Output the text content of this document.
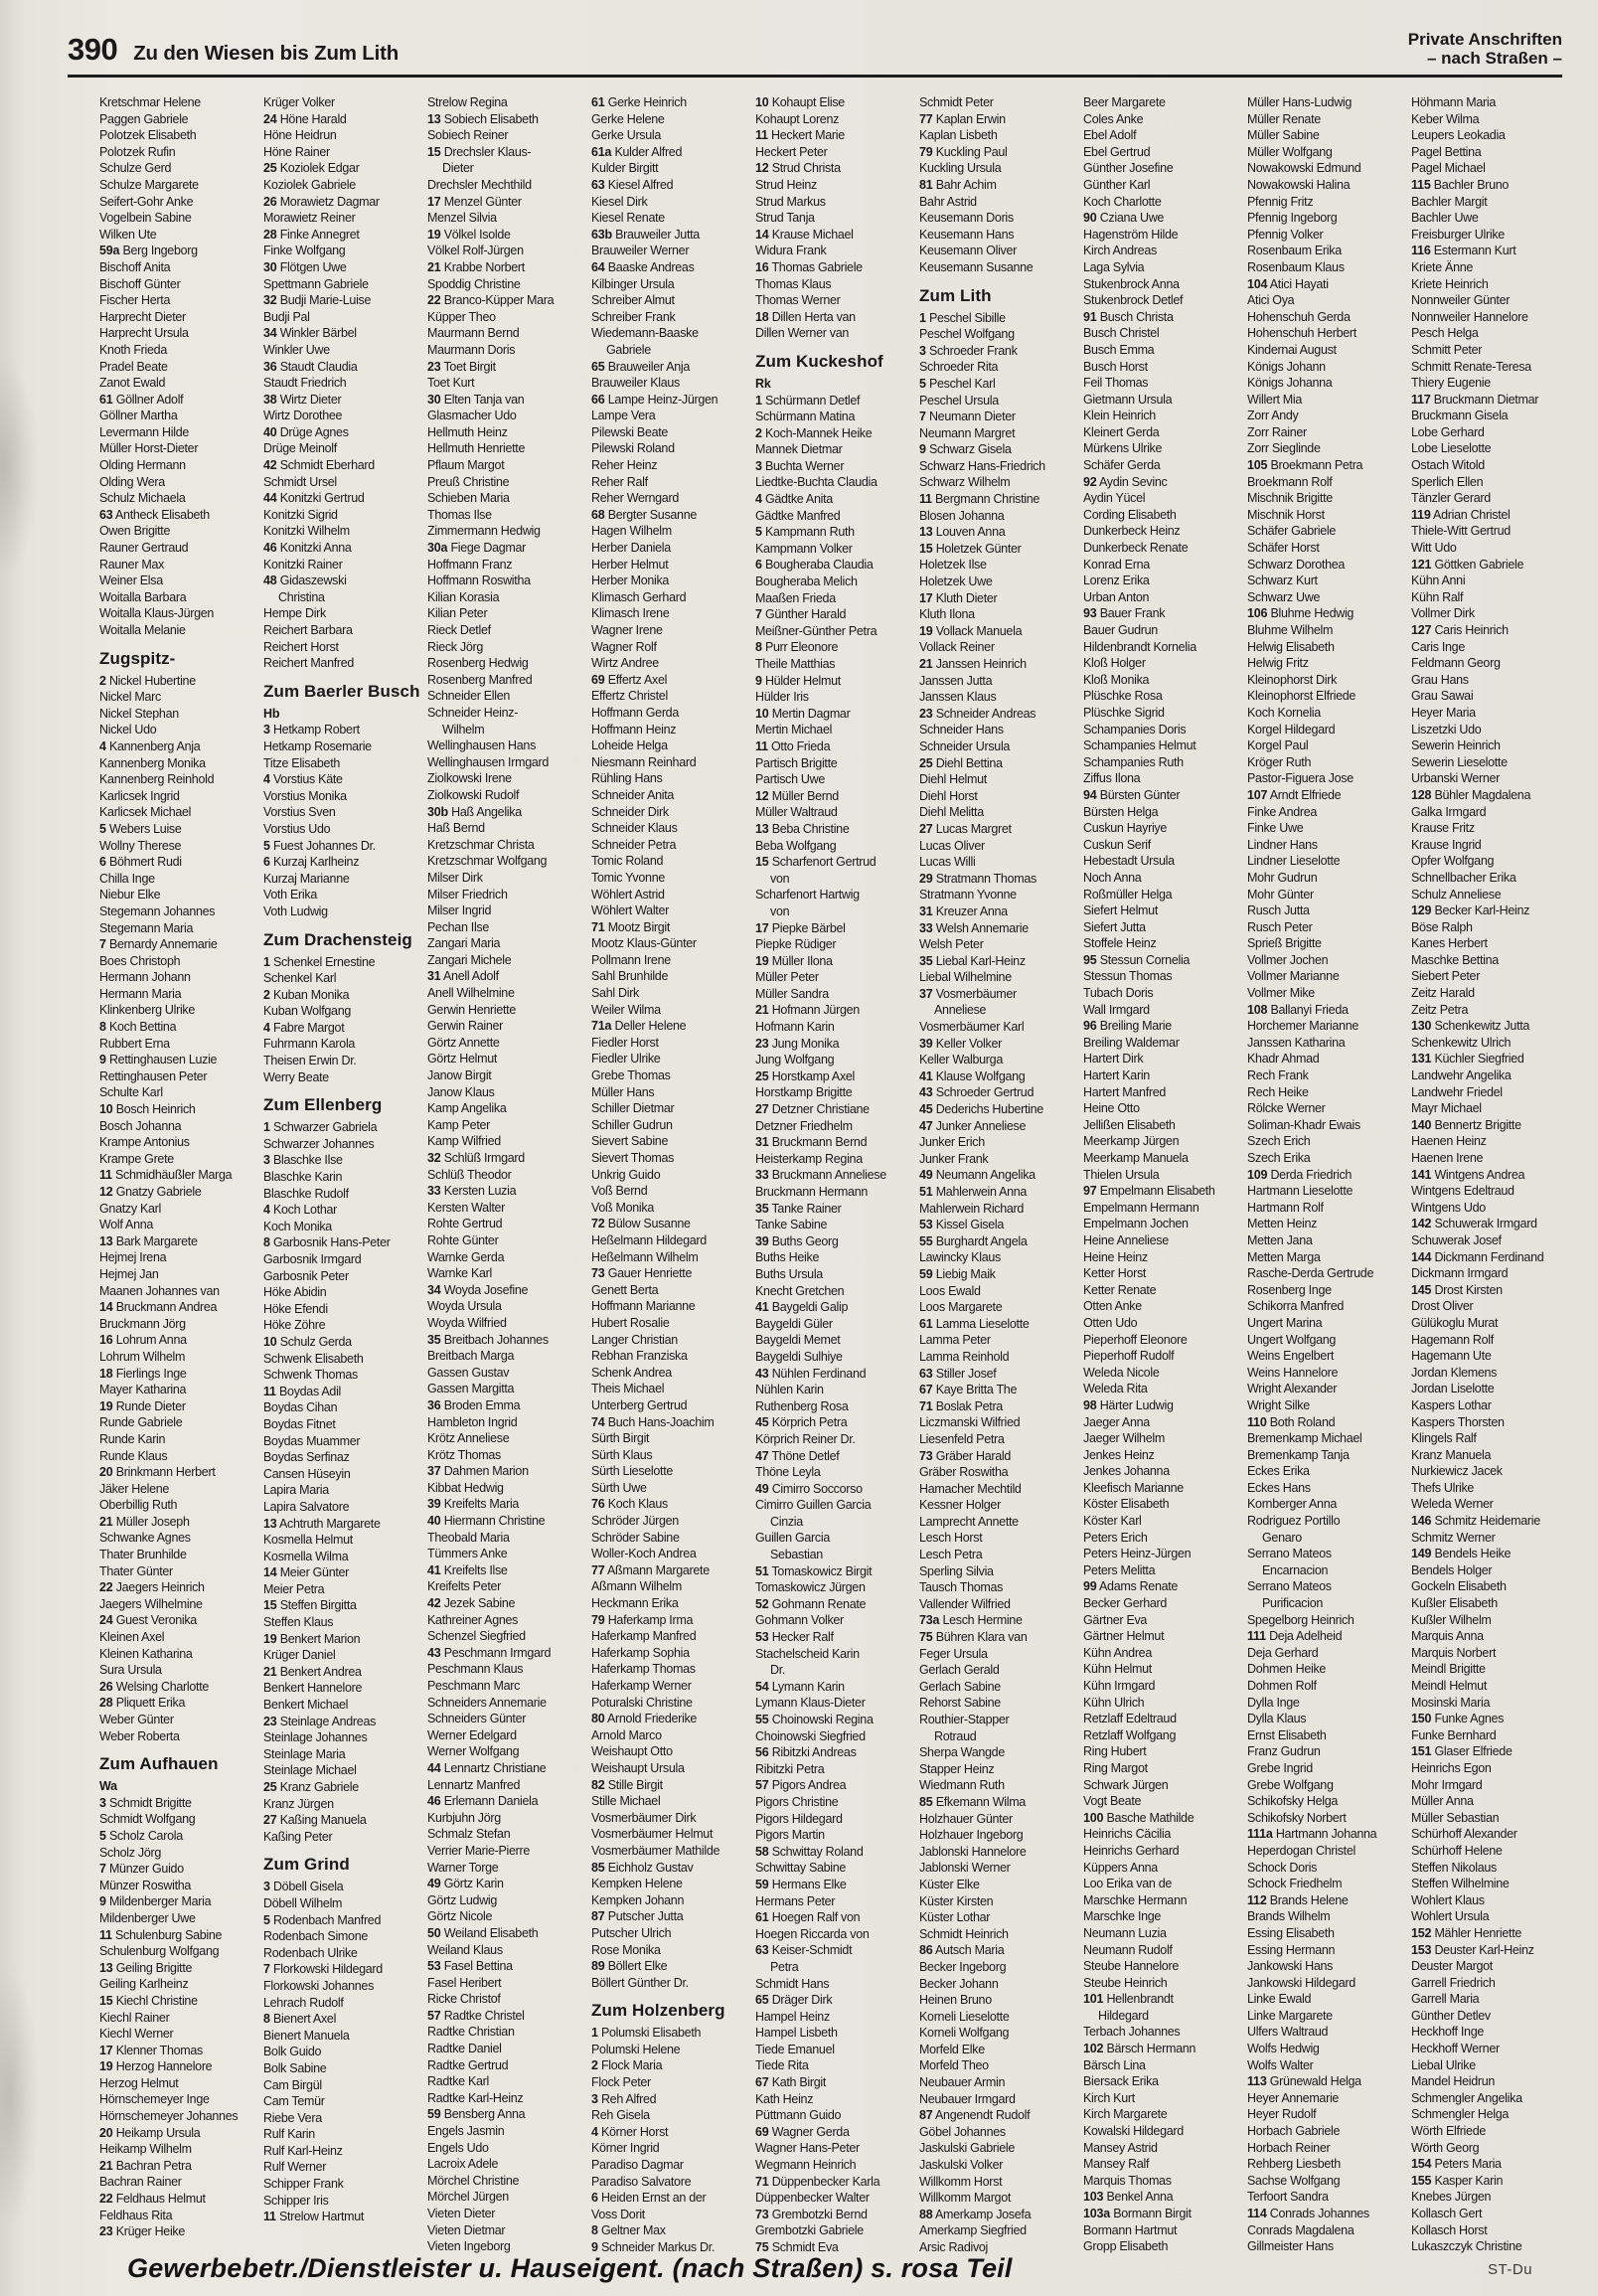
390 Zu den Wiesen bis Zum Lith
Private Anschriften
– nach Straßen –
Kretschmar Helene
Paggen Gabriele
Polotzek Elisabeth
Polotzek Rufin
Schulze Gerd
Schulze Margarete
Seifert-Gohr Anke
Vogelbein Sabine
Wilken Ute
59a Berg Ingeborg
Bischoff Anita
Bischoff Günter
Fischer Herta
Harprecht Dieter
Harprecht Ursula
Knoth Frieda
Pradel Beate
Zanot Ewald
61 Göllner Adolf
Göllner Martha
Levermann Hilde
Müller Horst-Dieter
Olding Hermann
Olding Wera
Schulz Michaela
63 Antheck Elisabeth
Owen Brigitte
Rauner Gertraud
Rauner Max
Weiner Elsa
Woitalla Barbara
Woitalla Klaus-Jürgen
Woitalla Melanie
Zugspitz-
2 Nickel Hubertine
Nickel Marc
Nickel Stephan
Nickel Udo
4 Kannenberg Anja
Kannenberg Monika
Kannenberg Reinhold
Karlicsek Ingrid
Karlicsek Michael
5 Webers Luise
Wollny Therese
6 Böhmert Rudi
Chilla Inge
Niebur Elke
Stegemann Johannes
Stegemann Maria
7 Bernardy Annemarie
Boes Christoph
Hermann Johann
Hermann Maria
Klinkenberg Ulrike
8 Koch Bettina
Rubbert Erna
9 Rettinghausen Luzie
Rettinghausen Peter
Schulte Karl
10 Bosch Heinrich
Bosch Johanna
Krampe Antonius
Krampe Grete
11 Schmidhäußler Marga
12 Gnatzy Gabriele
Gnatzy Karl
Wolf Anna
13 Bark Margarete
Hejmej Irena
Hejmej Jan
Maanen Johannes van
14 Bruckmann Andrea
Bruckmann Jörg
16 Lohrum Anna
Lohrum Wilhelm
18 Fierlings Inge
Mayer Katharina
19 Runde Dieter
Runde Gabriele
Runde Karin
Runde Klaus
20 Brinkmann Herbert
Jäker Helene
Oberbillig Ruth
21 Müller Joseph
Schwanke Agnes
Thater Brunhilde
Thater Günter
22 Jaegers Heinrich
Jaegers Wilhelmine
24 Guest Veronika
Kleinen Axel
Kleinen Katharina
Sura Ursula
26 Welsing Charlotte
28 Pliquett Erika
Weber Günter
Weber Roberta
Zum Aufhauen
Wa
3 Schmidt Brigitte
Schmidt Wolfgang
5 Scholz Carola
Scholz Jörg
7 Münzer Guido
Münzer Roswitha
9 Mildenberger Maria
Mildenberger Uwe
11 Schulenburg Sabine
Schulenburg Wolfgang
13 Geiling Brigitte
Geiling Karlheinz
15 Kiechl Christine
Kiechl Rainer
Kiechl Werner
17 Klenner Thomas
19 Herzog Hannelore
Herzog Helmut
Hörnschemeyer Inge
Hörnschemeyer Johannes
20 Heikamp Ursula
Heikamp Wilhelm
21 Bachran Petra
Bachran Rainer
22 Feldhaus Helmut
Feldhaus Rita
23 Krüger Heike
Krüger Volker
24 Höne Harald
Höne Heidrun
Höne Rainer
25 Koziolek Edgar
Koziolek Gabriele
26 Morawietz Dagmar
Morawietz Reiner
28 Finke Annegret
Finke Wolfgang
30 Flötgen Uwe
Spettmann Gabriele
32 Budji Marie-Luise
Budji Pal
34 Winkler Bärbel
Winkler Uwe
36 Staudt Claudia
Staudt Friedrich
38 Wirtz Dieter
Wirtz Dorothee
40 Drüge Agnes
Drüge Meinolf
42 Schmidt Eberhard
Schmidt Ursel
44 Konitzki Gertrud
Konitzki Sigrid
Konitzki Wilhelm
46 Konitzki Anna
Konitzki Rainer
48 Gidaszewski
Christina
Hempe Dirk
Reichert Barbara
Reichert Horst
Reichert Manfred
Zum Baerler Busch
Hb
3 Hetkamp Robert
Hetkamp Rosemarie
Titze Elisabeth
4 Vorstius Käte
Vorstius Monika
Vorstius Sven
Vorstius Udo
5 Fuest Johannes Dr.
6 Kurzaj Karlheinz
Kurzaj Marianne
Voth Erika
Voth Ludwig
Zum Drachensteig
1 Schenkel Ernestine
Schenkel Karl
2 Kuban Monika
Kuban Wolfgang
4 Fabre Margot
Fuhrmann Karola
Theisen Erwin Dr.
Werry Beate
Zum Ellenberg
1 Schwarzer Gabriela
Schwarzer Johannes
3 Blaschke Ilse
Blaschke Karin
Blaschke Rudolf
4 Koch Lothar
Koch Monika
8 Garbosnik Hans-Peter
Garbosnik Irmgard
Garbosnik Peter
Höke Abidin
Höke Efendi
Höke Zöhre
10 Schulz Gerda
Schwenk Elisabeth
Schwenk Thomas
11 Boydas Adil
Boydas Cihan
Boydas Fitnet
Boydas Muammer
Boydas Serfinaz
Cansen Hüseyin
Lapira Maria
Lapira Salvatore
13 Achtruth Margarete
Kosmella Helmut
Kosmella Wilma
14 Meier Günter
Meier Petra
15 Steffen Birgitta
Steffen Klaus
19 Benkert Marion
Krüger Daniel
21 Benkert Andrea
Benkert Hannelore
Benkert Michael
23 Steinlage Andreas
Steinlage Johannes
Steinlage Maria
Steinlage Michael
25 Kranz Gabriele
Kranz Jürgen
27 Kaßing Manuela
Kaßing Peter
Zum Grind
3 Döbell Gisela
Döbell Wilhelm
5 Rodenbach Manfred
Rodenbach Simone
Rodenbach Ulrike
7 Florkowski Hildegard
Florkowski Johannes
Lehrach Rudolf
8 Bienert Axel
Bienert Manuela
Bolk Guido
Bolk Sabine
Cam Birgül
Cam Temür
Riebe Vera
Rulf Karin
Rulf Karl-Heinz
Rulf Werner
Schipper Frank
Schipper Iris
11 Strelow Hartmut
Strelow Regina
13 Sobiech Elisabeth
Sobiech Reiner
15 Drechsler Klaus-
Dieter
Drechsler Mechthild
17 Menzel Günter
Menzel Silvia
19 Völkel Isolde
Völkel Rolf-Jürgen
21 Krabbe Norbert
Spoddig Christine
22 Branco-Küpper Mara
Küpper Theo
Maurmann Bernd
Maurmann Doris
23 Toet Birgit
Toet Kurt
30 Elten Tanja van
Glasmacher Udo
Hellmuth Heinz
Hellmuth Henriette
Pflaum Margot
Preuß Christine
Schieben Maria
Thomas Ilse
Zimmermann Hedwig
30a Fiege Dagmar
Hoffmann Franz
Hoffmann Roswitha
Kilian Korasia
Kilian Peter
Rieck Detlef
Rieck Jörg
Rosenberg Hedwig
Rosenberg Manfred
Schneider Ellen
Schneider Heinz-
Wilhelm
Wellinghausen Hans
Wellinghausen Irmgard
Ziolkowski Irene
Ziolkowski Rudolf
30b Haß Angelika
Haß Bernd
Kretzschmar Christa
Kretzschmar Wolfgang
Milser Dirk
Milser Friedrich
Milser Ingrid
Pechan Ilse
Zangari Maria
Zangari Michele
31 Anell Adolf
Anell Wilhelmine
Gerwin Henriette
Gerwin Rainer
Görtz Annette
Görtz Helmut
Janow Birgit
Janow Klaus
Kamp Angelika
Kamp Peter
Kamp Wilfried
32 Schlüß Irmgard
Schlüß Theodor
33 Kersten Luzia
Kersten Walter
Rohte Gertrud
Rohte Günter
Warnke Gerda
Warnke Karl
34 Woyda Josefine
Woyda Ursula
Woyda Wilfried
35 Breitbach Johannes
Breitbach Marga
Gassen Gustav
Gassen Margitta
36 Broden Emma
Hambleton Ingrid
Krötz Anneliese
Krötz Thomas
37 Dahmen Marion
Kibbat Hedwig
39 Kreifelts Maria
40 Hiermann Christine
Theobald Maria
Tümmers Anke
41 Kreifelts Ilse
Kreifelts Peter
42 Jezek Sabine
Kathreiner Agnes
Schenzel Siegfried
43 Peschmann Irmgard
Peschmann Klaus
Peschmann Marc
Schneiders Annemarie
Schneiders Günter
Werner Edelgard
Werner Wolfgang
44 Lennartz Christiane
Lennartz Manfred
46 Erlemann Daniela
Kurbjuhn Jörg
Schmalz Stefan
Verrier Marie-Pierre
Warner Torge
49 Görtz Karin
Görtz Ludwig
Görtz Nicole
50 Weiland Elisabeth
Weiland Klaus
53 Fasel Bettina
Fasel Heribert
Ricke Christof
57 Radtke Christel
Radtke Christian
Radtke Daniel
Radtke Gertrud
Radtke Karl
Radtke Karl-Heinz
59 Bensberg Anna
Engels Jasmin
Engels Udo
Lacroix Adele
Mörchel Christine
Mörchel Jürgen
Vieten Dieter
Vieten Dietmar
Vieten Ingeborg
61 Gerke Heinrich
Gerke Helene
Gerke Ursula
61a Kulder Alfred
Kulder Birgitt
63 Kiesel Alfred
Kiesel Dirk
Kiesel Renate
63b Brauweiler Jutta
Brauweiler Werner
64 Baaske Andreas
Kilbinger Ursula
Schreiber Almut
Schreiber Frank
Wiedemann-Baaske
Gabriele
65 Brauweiler Anja
Brauweiler Klaus
66 Lampe Heinz-Jürgen
Lampe Vera
Pilewski Beate
Pilewski Roland
Reher Heinz
Reher Ralf
Reher Werngard
68 Bergter Susanne
Hagen Wilhelm
Herber Daniela
Herber Helmut
Herber Monika
Klimasch Gerhard
Klimasch Irene
Wagner Irene
Wagner Rolf
Wirtz Andree
69 Effertz Axel
Effertz Christel
Hoffmann Gerda
Hoffmann Heinz
Loheide Helga
Niesmann Reinhard
Rühling Hans
Schneider Anita
Schneider Dirk
Schneider Klaus
Schneider Petra
Tomic Roland
Tomic Yvonne
Wöhlert Astrid
Wöhlert Walter
71 Mootz Birgit
Mootz Klaus-Günter
Pollmann Irene
Sahl Brunhilde
Sahl Dirk
Weiler Wilma
71a Deller Helene
Fiedler Horst
Fiedler Ulrike
Grebe Thomas
Müller Hans
Schiller Dietmar
Schiller Gudrun
Sievert Sabine
Sievert Thomas
Unkrig Guido
Voß Bernd
Voß Monika
72 Bülow Susanne
Heßelmann Hildegard
Heßelmann Wilhelm
73 Gauer Henriette
Genett Berta
Hoffmann Marianne
Hubert Rosalie
Langer Christian
Rebhan Franziska
Schenk Andrea
Theis Michael
Unterberg Gertrud
74 Buch Hans-Joachim
Sürth Birgit
Sürth Klaus
Sürth Lieselotte
Sürth Uwe
76 Koch Klaus
Schröder Jürgen
Schröder Sabine
Woller-Koch Andrea
77 Aßmann Margarete
Aßmann Wilhelm
Heckmann Erika
79 Haferkamp Irma
Haferkamp Manfred
Haferkamp Sophia
Haferkamp Thomas
Haferkamp Werner
Poturalski Christine
80 Arnold Friederike
Arnold Marco
Weishaupt Otto
Weishaupt Ursula
82 Stille Birgit
Stille Michael
Vosmerbäumer Dirk
Vosmerbäumer Helmut
Vosmerbäumer Mathilde
85 Eichholz Gustav
Kempken Helene
Kempken Johann
87 Putscher Jutta
Putscher Ulrich
Rose Monika
89 Böllert Elke
Böllert Günther Dr.
Zum Holzenberg
1 Polumski Elisabeth
Polumski Helene
2 Flock Maria
Flock Peter
3 Reh Alfred
Reh Gisela
4 Körner Horst
Körner Ingrid
Paradiso Dagmar
Paradiso Salvatore
6 Heiden Ernst an der
Voss Dorit
8 Geltner Max
9 Schneider Markus Dr.
10 Kohaupt Elise
Kohaupt Lorenz
11 Heckert Marie
Heckert Peter
12 Strud Christa
Strud Heinz
Strud Markus
Strud Tanja
14 Krause Michael
Widura Frank
16 Thomas Gabriele
Thomas Klaus
Thomas Werner
18 Dillen Herta van
Dillen Werner van
Zum Kuckeshof
Rk
1 Schürmann Detlef
Schürmann Matina
2 Koch-Mannek Heike
Mannek Dietmar
3 Buchta Werner
Liedtke-Buchta Claudia
4 Gädtke Anita
Gädtke Manfred
5 Kampmann Ruth
Kampmann Volker
6 Bougheraba Claudia
Bougheraba Melich
Maaßen Frieda
7 Günther Harald
Meißner-Günther Petra
8 Purr Eleonore
Theile Matthias
9 Hülder Helmut
Hülder Iris
10 Mertin Dagmar
Mertin Michael
11 Otto Frieda
Partisch Brigitte
Partisch Uwe
12 Müller Bernd
Müller Waltraud
13 Beba Christine
Beba Wolfgang
15 Scharfenort Gertrud
von
Scharfenort Hartwig
von
17 Piepke Bärbel
Piepke Rüdiger
19 Müller Ilona
Müller Peter
Müller Sandra
21 Hofmann Jürgen
Hofmann Karin
23 Jung Monika
Jung Wolfgang
25 Horstkamp Axel
Horstkamp Brigitte
27 Detzner Christiane
Detzner Friedhelm
31 Bruckmann Bernd
Heisterkamp Regina
33 Bruckmann Anneliese
Bruckmann Hermann
35 Tanke Rainer
Tanke Sabine
39 Buths Georg
Buths Heike
Buths Ursula
Knecht Gretchen
41 Baygeldi Galip
Baygeldi Güler
Baygeldi Memet
Baygeldi Sulhiye
43 Nühlen Ferdinand
Nühlen Karin
Ruthenberg Rosa
45 Körprich Petra
Körprich Reiner Dr.
47 Thöne Detlef
Thöne Leyla
49 Cimirro Soccorso
Cimirro Guillen Garcia
Cinzia
Guillen Garcia
Sebastian
51 Tomaskowicz Birgit
Tomaskowicz Jürgen
52 Gohmann Renate
Gohmann Volker
53 Hecker Ralf
Stachelscheid Karin
Dr.
54 Lymann Karin
Lymann Klaus-Dieter
55 Choinowski Regina
Choinowski Siegfried
56 Ribitzki Andreas
Ribitzki Petra
57 Pigors Andrea
Pigors Christine
Pigors Hildegard
Pigors Martin
58 Schwittay Roland
Schwittay Sabine
59 Hermans Elke
Hermans Peter
61 Hoegen Ralf von
Hoegen Riccarda von
63 Keiser-Schmidt
Petra
Schmidt Hans
65 Dräger Dirk
Hampel Heinz
Hampel Lisbeth
Tiede Emanuel
Tiede Rita
67 Kath Birgit
Kath Heinz
Püttmann Guido
69 Wagner Gerda
Wagner Hans-Peter
Wegmann Heinrich
71 Düppenbecker Karla
Düppenbecker Walter
73 Grembotzki Bernd
Grembotzki Gabriele
75 Schmidt Eva
Schmidt Peter
77 Kaplan Erwin
Kaplan Lisbeth
79 Kuckling Paul
Kuckling Ursula
81 Bahr Achim
Bahr Astrid
Keusemann Doris
Keusemann Hans
Keusemann Oliver
Keusemann Susanne
Zum Lith
1 Peschel Sibille
Peschel Wolfgang
3 Schroeder Frank
Schroeder Rita
5 Peschel Karl
Peschel Ursula
7 Neumann Dieter
Neumann Margret
9 Schwarz Gisela
Schwarz Hans-Friedrich
Schwarz Wilhelm
11 Bergmann Christine
Blosen Johanna
13 Louven Anna
15 Holetzek Günter
Holetzek Ilse
Holetzek Uwe
17 Kluth Dieter
Kluth Ilona
19 Vollack Manuela
Vollack Reiner
21 Janssen Heinrich
Janssen Jutta
Janssen Klaus
23 Schneider Andreas
Schneider Hans
Schneider Ursula
25 Diehl Bettina
Diehl Helmut
Diehl Horst
Diehl Melitta
27 Lucas Margret
Lucas Oliver
Lucas Willi
29 Stratmann Thomas
Stratmann Yvonne
31 Kreuzer Anna
33 Welsh Annemarie
Welsh Peter
35 Liebal Karl-Heinz
Liebal Wilhelmine
37 Vosmerbäumer
Anneliese
Vosmerbäumer Karl
39 Keller Volker
Keller Walburga
41 Klause Wolfgang
43 Schroeder Gertrud
45 Dederichs Hubertine
47 Junker Anneliese
Junker Erich
Junker Frank
49 Neumann Angelika
51 Mahlerwein Anna
Mahlerwein Richard
53 Kissel Gisela
55 Burghardt Angela
Lawincky Klaus
59 Liebig Maik
Loos Ewald
Loos Margarete
61 Lamma Lieselotte
Lamma Peter
Lamma Reinhold
63 Stiller Josef
67 Kaye Britta The
71 Boslak Petra
Liczmanski Wilfried
Liesenfeld Petra
73 Gräber Harald
Gräber Roswitha
Hamacher Mechtild
Kessner Holger
Lamprecht Annette
Lesch Horst
Lesch Petra
Sperling Silvia
Tausch Thomas
Vallender Wilfried
73a Lesch Hermine
75 Bühren Klara van
Feger Ursula
Gerlach Gerald
Gerlach Sabine
Rehorst Sabine
Routhier-Stapper
Rotraud
Sherpa Wangde
Stapper Heinz
Wiedmann Ruth
85 Efkemann Wilma
Holzhauer Günter
Holzhauer Ingeborg
Jablonski Hannelore
Jablonski Werner
Küster Elke
Küster Kirsten
Küster Lothar
Schmidt Heinrich
86 Autsch Maria
Becker Ingeborg
Becker Johann
Heinen Bruno
Korneli Lieselotte
Korneli Wolfgang
Morfeld Elke
Morfeld Theo
Neubauer Armin
Neubauer Irmgard
87 Angenendt Rudolf
Göbel Johannes
Jaskulski Gabriele
Jaskulski Volker
Willkomm Horst
Willkomm Margot
88 Amerkamp Josefa
Amerkamp Siegfried
Arsic Radivoj
Beer Margarete
Coles Anke
Ebel Adolf
Ebel Gertrud
Günther Josefine
Günther Karl
Koch Charlotte
90 Cziana Uwe
Hagenström Hilde
Kirch Andreas
Laga Sylvia
Stukenbrock Anna
Stukenbrock Detlef
91 Busch Christa
Busch Christel
Busch Emma
Busch Horst
Feil Thomas
Gietmann Ursula
Klein Heinrich
Kleinert Gerda
Mürkens Ulrike
Schäfer Gerda
92 Aydin Sevinc
Aydin Yücel
Cording Elisabeth
Dunkerbeck Heinz
Dunkerbeck Renate
Konrad Erna
Lorenz Erika
Urban Anton
93 Bauer Frank
Bauer Gudrun
Hildenbrandt Kornelia
Kloß Holger
Kloß Monika
Plüschke Rosa
Plüschke Sigrid
Schampanies Doris
Schampanies Helmut
Schampanies Ruth
Ziffus Ilona
94 Bürsten Günter
Bürsten Helga
Cuskun Hayriye
Cuskun Serif
Hebestadt Ursula
Noch Anna
Roßmüller Helga
Siefert Helmut
Siefert Jutta
Stoffele Heinz
95 Stessun Cornelia
Stessun Thomas
Tubach Doris
Wall Irmgard
96 Breiling Marie
Breiling Waldemar
Hartert Dirk
Hartert Karin
Hartert Manfred
Heine Otto
Jellißen Elisabeth
Meerkamp Jürgen
Meerkamp Manuela
Thielen Ursula
97 Empelmann Elisabeth
Empelmann Hermann
Empelmann Jochen
Heine Anneliese
Heine Heinz
Ketter Horst
Ketter Renate
Otten Anke
Otten Udo
Pieperhoff Eleonore
Pieperhoff Rudolf
Weleda Nicole
Weleda Rita
98 Härter Ludwig
Jaeger Anna
Jaeger Wilhelm
Jenkes Heinz
Jenkes Johanna
Kleefisch Marianne
Köster Elisabeth
Köster Karl
Peters Erich
Peters Heinz-Jürgen
Peters Melitta
99 Adams Renate
Becker Gerhard
Gärtner Eva
Gärtner Helmut
Kühn Andrea
Kühn Helmut
Kühn Irmgard
Kühn Ulrich
Retzlaff Edeltraud
Retzlaff Wolfgang
Ring Hubert
Ring Margot
Schwark Jürgen
Vogt Beate
100 Basche Mathilde
Heinrichs Cäcilia
Heinrichs Gerhard
Küppers Anna
Loo Erika van de
Marschke Hermann
Marschke Inge
Neumann Luzia
Neumann Rudolf
Steube Hannelore
Steube Heinrich
101 Hellenbrandt
Hildegard
Terbach Johannes
102 Bärsch Hermann
Bärsch Lina
Biersack Erika
Kirch Kurt
Kirch Margarete
Kowalski Hildegard
Mansey Astrid
Mansey Ralf
Marquis Thomas
103 Benkel Anna
103a Bormann Birgit
Bormann Hartmut
Gropp Elisabeth
Müller Hans-Ludwig
Müller Renate
Müller Sabine
Müller Wolfgang
Nowakowski Edmund
Nowakowski Halina
Pfennig Fritz
Pfennig Ingeborg
Pfennig Volker
Rosenbaum Erika
Rosenbaum Klaus
104 Atici Hayati
Atici Oya
Hohenschuh Gerda
Hohenschuh Herbert
Kindernai August
Königs Johann
Königs Johanna
Willert Mia
Zorr Andy
Zorr Rainer
Zorr Sieglinde
105 Broekmann Petra
Broekmann Rolf
Mischnik Brigitte
Mischnik Horst
Schäfer Gabriele
Schäfer Horst
Schwarz Dorothea
Schwarz Kurt
Schwarz Uwe
106 Bluhme Hedwig
Bluhme Wilhelm
Helwig Elisabeth
Helwig Fritz
Kleinophorst Dirk
Kleinophorst Elfriede
Koch Kornelia
Korgel Hildegard
Korgel Paul
Kröger Ruth
Pastor-Figuera Jose
107 Arndt Elfriede
Finke Andrea
Finke Uwe
Lindner Hans
Lindner Lieselotte
Mohr Gudrun
Mohr Günter
Rusch Jutta
Rusch Peter
Sprieß Brigitte
Vollmer Jochen
Vollmer Marianne
Vollmer Mike
108 Ballanyi Frieda
Horchemer Marianne
Janssen Katharina
Khadr Ahmad
Rech Frank
Rech Heike
Rölcke Werner
Soliman-Khadr Ewais
Szech Erich
Szech Erika
109 Derda Friedrich
Hartmann Lieselotte
Hartmann Rolf
Metten Heinz
Metten Jana
Metten Marga
Rasche-Derda Gertrude
Rosenberg Inge
Schikorra Manfred
Ungert Marina
Ungert Wolfgang
Weins Engelbert
Weins Hannelore
Wright Alexander
Wright Silke
110 Both Roland
Bremenkamp Michael
Bremenkamp Tanja
Eckes Erika
Eckes Hans
Kornberger Anna
Rodriguez Portillo
Genaro
Serrano Mateos
Encarnacion
Serrano Mateos
Purificacion
Spegelborg Heinrich
111 Deja Adelheid
Deja Gerhard
Dohmen Heike
Dohmen Rolf
Dylla Inge
Dylla Klaus
Ernst Elisabeth
Franz Gudrun
Grebe Ingrid
Grebe Wolfgang
Schikofsky Helga
Schikofsky Norbert
111a Hartmann Johanna
Heperdogan Christel
Schock Doris
Schock Friedhelm
112 Brands Helene
Brands Wilhelm
Essing Elisabeth
Essing Hermann
Jankowski Hans
Jankowski Hildegard
Linke Ewald
Linke Margarete
Ulfers Waltraud
Wolfs Hedwig
Wolfs Walter
113 Grünewald Helga
Heyer Annemarie
Heyer Rudolf
Horbach Gabriele
Horbach Reiner
Rehberg Liesbeth
Sachse Wolfgang
Terfoort Sandra
114 Conrads Johannes
Conrads Magdalena
Gillmeister Hans
Höhmann Maria
Keber Wilma
Leupers Leokadia
Pagel Bettina
Pagel Michael
115 Bachler Bruno
Bachler Margit
Bachler Uwe
Freisburger Ulrike
116 Estermann Kurt
Kriete Änne
Kriete Heinrich
Nonnweiler Günter
Nonnweiler Hannelore
Pesch Helga
Schmitt Peter
Schmitt Renate-Teresa
Thiery Eugenie
117 Bruckmann Dietmar
Bruckmann Gisela
Lobe Gerhard
Lobe Lieselotte
Ostach Witold
Sperlich Ellen
Tänzler Gerard
119 Adrian Christel
Thiele-Witt Gertrud
Witt Udo
121 Göttken Gabriele
Kühn Anni
Kühn Ralf
Vollmer Dirk
127 Caris Heinrich
Caris Inge
Feldmann Georg
Grau Hans
Grau Sawai
Heyer Maria
Liszetzki Udo
Sewerin Heinrich
Sewerin Lieselotte
Urbanski Werner
128 Bühler Magdalena
Galka Irmgard
Krause Fritz
Krause Ingrid
Opfer Wolfgang
Schnellbacher Erika
Schulz Anneliese
129 Becker Karl-Heinz
Böse Ralph
Kanes Herbert
Maschke Bettina
Siebert Peter
Zeitz Harald
Zeitz Petra
130 Schenkewitz Jutta
Schenkewitz Ulrich
131 Küchler Siegfried
Landwehr Angelika
Landwehr Friedel
Mayr Michael
140 Bennertz Brigitte
Haenen Heinz
Haenen Irene
141 Wintgens Andrea
Wintgens Edeltraud
Wintgens Udo
142 Schuwerak Irmgard
Schuwerak Josef
144 Dickmann Ferdinand
Dickmann Irmgard
145 Drost Kirsten
Drost Oliver
Gülükoglu Murat
Hagemann Rolf
Hagemann Ute
Jordan Klemens
Jordan Liselotte
Kaspers Lothar
Kaspers Thorsten
Klingels Ralf
Kranz Manuela
Nurkiewicz Jacek
Thefs Ulrike
Weleda Werner
146 Schmitz Heidemarie
Schmitz Werner
149 Bendels Heike
Bendels Holger
Gockeln Elisabeth
Kußler Elisabeth
Kußler Wilhelm
Marquis Anna
Marquis Norbert
Meindl Brigitte
Meindl Helmut
Mosinski Maria
150 Funke Agnes
Funke Bernhard
151 Glaser Elfriede
Heinrichs Egon
Mohr Irmgard
Müller Anna
Müller Sebastian
Schürhoff Alexander
Schürhoff Helene
Steffen Nikolaus
Steffen Wilhelmine
Wohlert Klaus
Wohlert Ursula
152 Mähler Henriette
153 Deuster Karl-Heinz
Deuster Margot
Garrell Friedrich
Garrell Maria
Günther Detlev
Heckhoff Inge
Heckhoff Werner
Liebal Ulrike
Mandel Heidrun
Schmengler Angelika
Schmengler Helga
Wörth Elfriede
Wörth Georg
154 Peters Maria
155 Kasper Karin
Knebes Jürgen
Kollasch Gert
Kollasch Horst
Lukaszczyk Christine
Gewerbebetr./Dienstleister u. Hauseigent. (nach Straßen) s. rosa Teil	ST-Du
